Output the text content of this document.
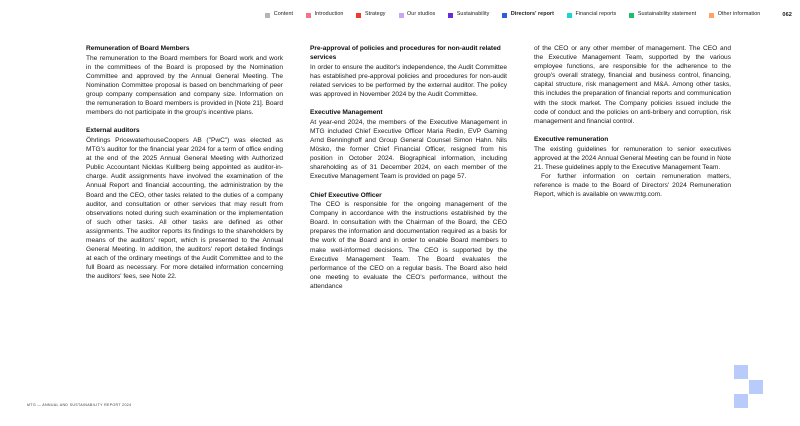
Content	Introduction	Strategy	Our studios	Sustainability	Directors' report	Financial reports	Sustainability statement	Other information	062
Remuneration of Board Members

The remuneration to the Board members for Board work and work in the committees of the Board is proposed by the Nomination Committee and approved by the Annual General Meeting. The Nomination Committee proposal is based on benchmarking of peer group company compensation and company size. Information on the remuneration to Board members is provided in [Note 21]. Board members do not participate in the group's incentive plans.

External auditors

Öhrlings PricewaterhouseCoopers AB ("PwC") was elected as MTG's auditor for the financial year 2024 for a term of office ending at the end of the 2025 Annual General Meeting with Authorized Public Accountant Nicklas Kullberg being appointed as auditor-in-charge. Audit assignments have involved the examination of the Annual Report and financial accounting, the administration by the Board and the CEO, other tasks related to the duties of a company auditor, and consultation or other services that may result from observations noted during such examination or the implementation of such other tasks. All other tasks are defined as other assignments. The auditor reports its findings to the shareholders by means of the auditors' report, which is presented to the Annual General Meeting. In addition, the auditors' report detailed findings at each of the ordinary meetings of the Audit Committee and to the full Board as necessary. For more detailed information concerning the auditors' fees, see Note 22.

Pre-approval of policies and procedures for non-audit related services

In order to ensure the auditor's independence, the Audit Committee has established pre-approval policies and procedures for non-audit related services to be performed by the external auditor. The policy was approved in November 2024 by the Audit Committee.

Executive Management

At year-end 2024, the members of the Executive Management in MTG included Chief Executive Officer Maria Redin, EVP Gaming Arnd Benninghoff and Group General Counsel Simon Hahn. Nils Mösko, the former Chief Financial Officer, resigned from his position in October 2024. Biographical information, including shareholding as of 31 December 2024, on each member of the Executive Management Team is provided on page 57.

Chief Executive Officer

The CEO is responsible for the ongoing management of the Company in accordance with the instructions established by the Board. In consultation with the Chairman of the Board, the CEO prepares the information and documentation required as a basis for the work of the Board and in order to enable Board members to make well-informed decisions. The CEO is supported by the Executive Management Team. The Board evaluates the performance of the CEO on a regular basis. The Board also held one meeting to evaluate the CEO's performance, without the attendance

of the CEO or any other member of management. The CEO and the Executive Management Team, supported by the various employee functions, are responsible for the adherence to the group's overall strategy, financial and business control, financing, capital structure, risk management and M&A. Among other tasks, this includes the preparation of financial reports and communication with the stock market. The Company policies issued include the code of conduct and the policies on anti-bribery and corruption, risk management and financial control.

Executive remuneration

The existing guidelines for remuneration to senior executives approved at the 2024 Annual General Meeting can be found in Note 21. These guidelines apply to the Executive Management Team.

For further information on certain remuneration matters, reference is made to the Board of Directors' 2024 Remuneration Report, which is available on www.mtg.com.

MTG — ANNUAL AND SUSTAINABILITY REPORT 2024
